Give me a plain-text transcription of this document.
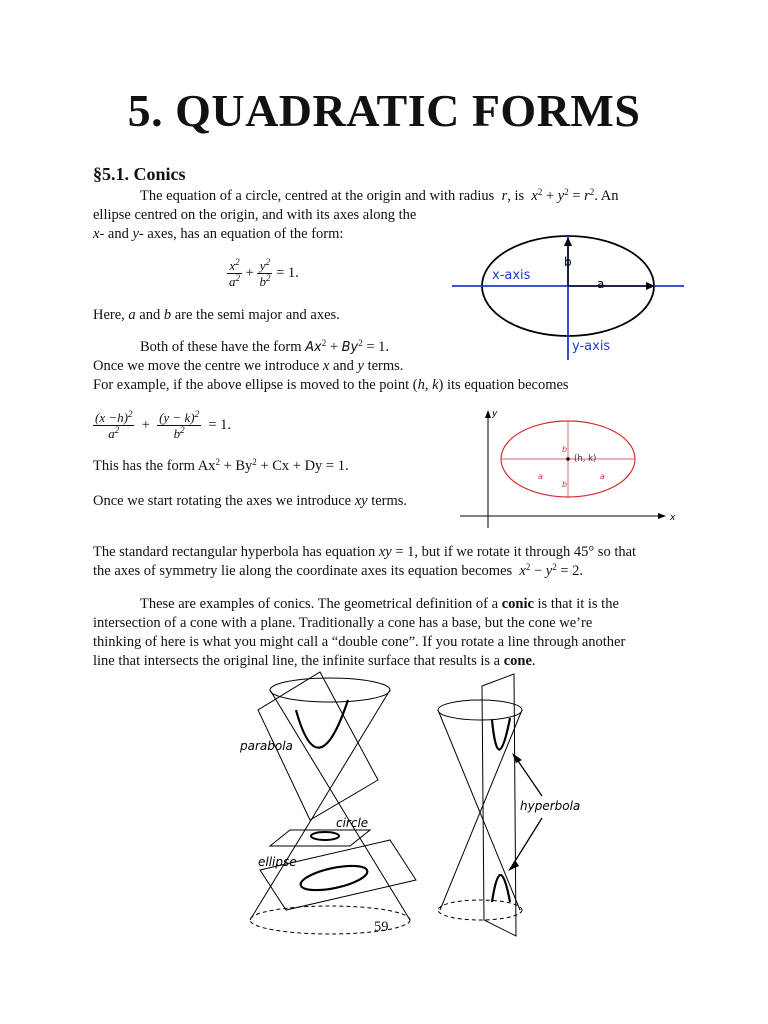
5. QUADRATIC FORMS
§5.1. Conics
The equation of a circle, centred at the origin and with radius r, is $x^2 + y^2 = r^2$. An
ellipse centred on the origin, and with its axes along the
x- and y- axes, has an equation of the form:
$\frac{x^2}{a^2} + \frac{y^2}{b^2} = 1$.
Here, a and b are the semi major and axes.
Both of these have the form $Ax^2 + By^2 = 1$.
Once we move the centre we introduce x and y terms.
For example, if the above ellipse is moved to the point (h, k) its equation becomes
$\frac{(x -h)^2}{a^2} + \frac{(y - k)^2}{b^2} = 1$.
This has the form $Ax^2 + By^2 + Cx + Dy = 1$.
Once we start rotating the axes we introduce xy terms.
The standard rectangular hyperbola has equation xy = 1, but if we rotate it through 45° so that
the axes of symmetry lie along the coordinate axes its equation becomes $x^2 - y^2 = 2$.
These are examples of conics. The geometrical definition of a conic is that it is the
intersection of a cone with a plane. Traditionally a cone has a base, but the cone we’re
thinking of here is what you might call a “double cone”. If you rotate a line through another
line that intersects the original line, the infinite surface that results is a cone.
x-axis
y-axis
a
b
y
x
(h, k)
a	a
b
b
parabola
circle
ellipse
hyperbola
59
